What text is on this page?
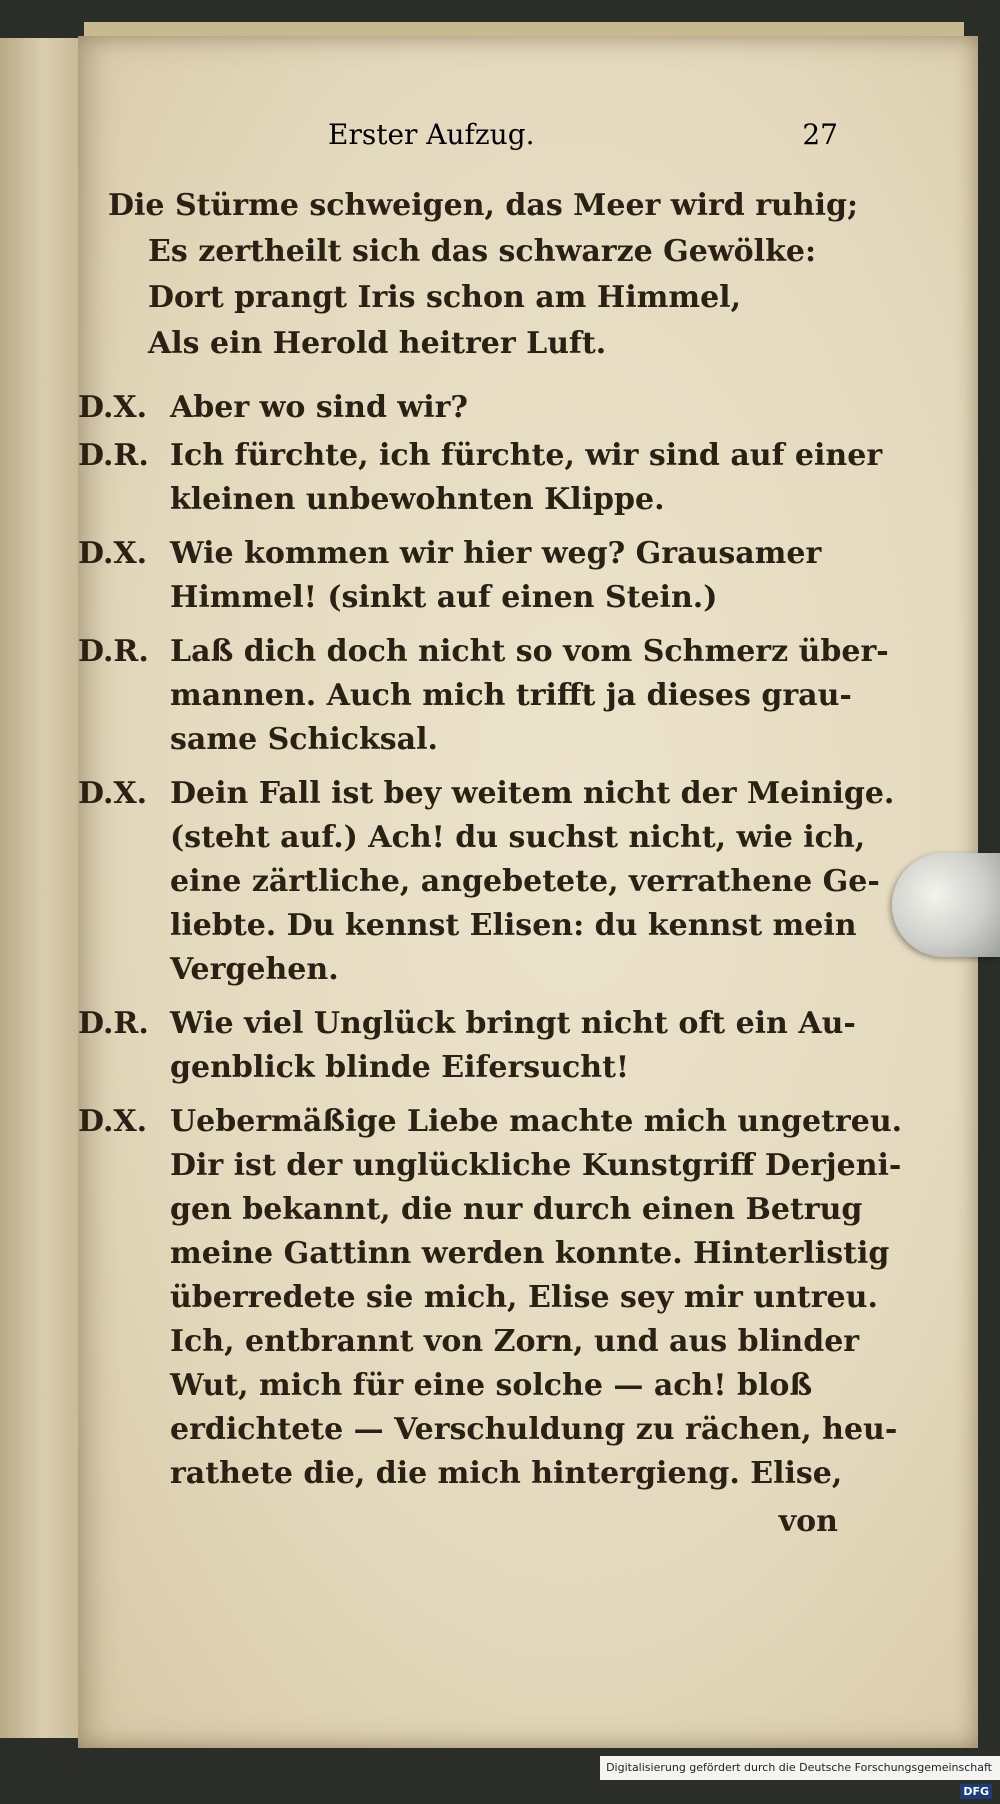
Erster Aufzug.	27
Die Stürme schweigen, das Meer wird ruhig;
Es zertheilt sich das schwarze Gewölke:
Dort prangt Iris schon am Himmel,
Als ein Herold heitrer Luft.
D.X. Aber wo sind wir?
D.R. Ich fürchte, ich fürchte, wir sind auf einer
kleinen unbewohnten Klippe.
D.X. Wie kommen wir hier weg? Grausamer
Himmel! (sinkt auf einen Stein.)
D.R. Laß dich doch nicht so vom Schmerz über-
mannen. Auch mich trifft ja dieses grau-
same Schicksal.
D.X. Dein Fall ist bey weitem nicht der Meinige.
(steht auf.) Ach! du suchst nicht, wie ich,
eine zärtliche, angebetete, verrathene Ge-
liebte. Du kennst Elisen: du kennst mein
Vergehen.
D.R. Wie viel Unglück bringt nicht oft ein Au-
genblick blinde Eifersucht!
D.X. Uebermäßige Liebe machte mich ungetreu.
Dir ist der unglückliche Kunstgriff Derjeni-
gen bekannt, die nur durch einen Betrug
meine Gattinn werden konnte. Hinterlistig
überredete sie mich, Elise sey mir untreu.
Ich, entbrannt von Zorn, und aus blinder
Wut, mich für eine solche — ach! bloß
erdichtete — Verschuldung zu rächen, heu-
rathete die, die mich hintergieng. Elise,
von
Digitalisierung gefördert durch die Deutsche Forschungsgemeinschaft - DFG
